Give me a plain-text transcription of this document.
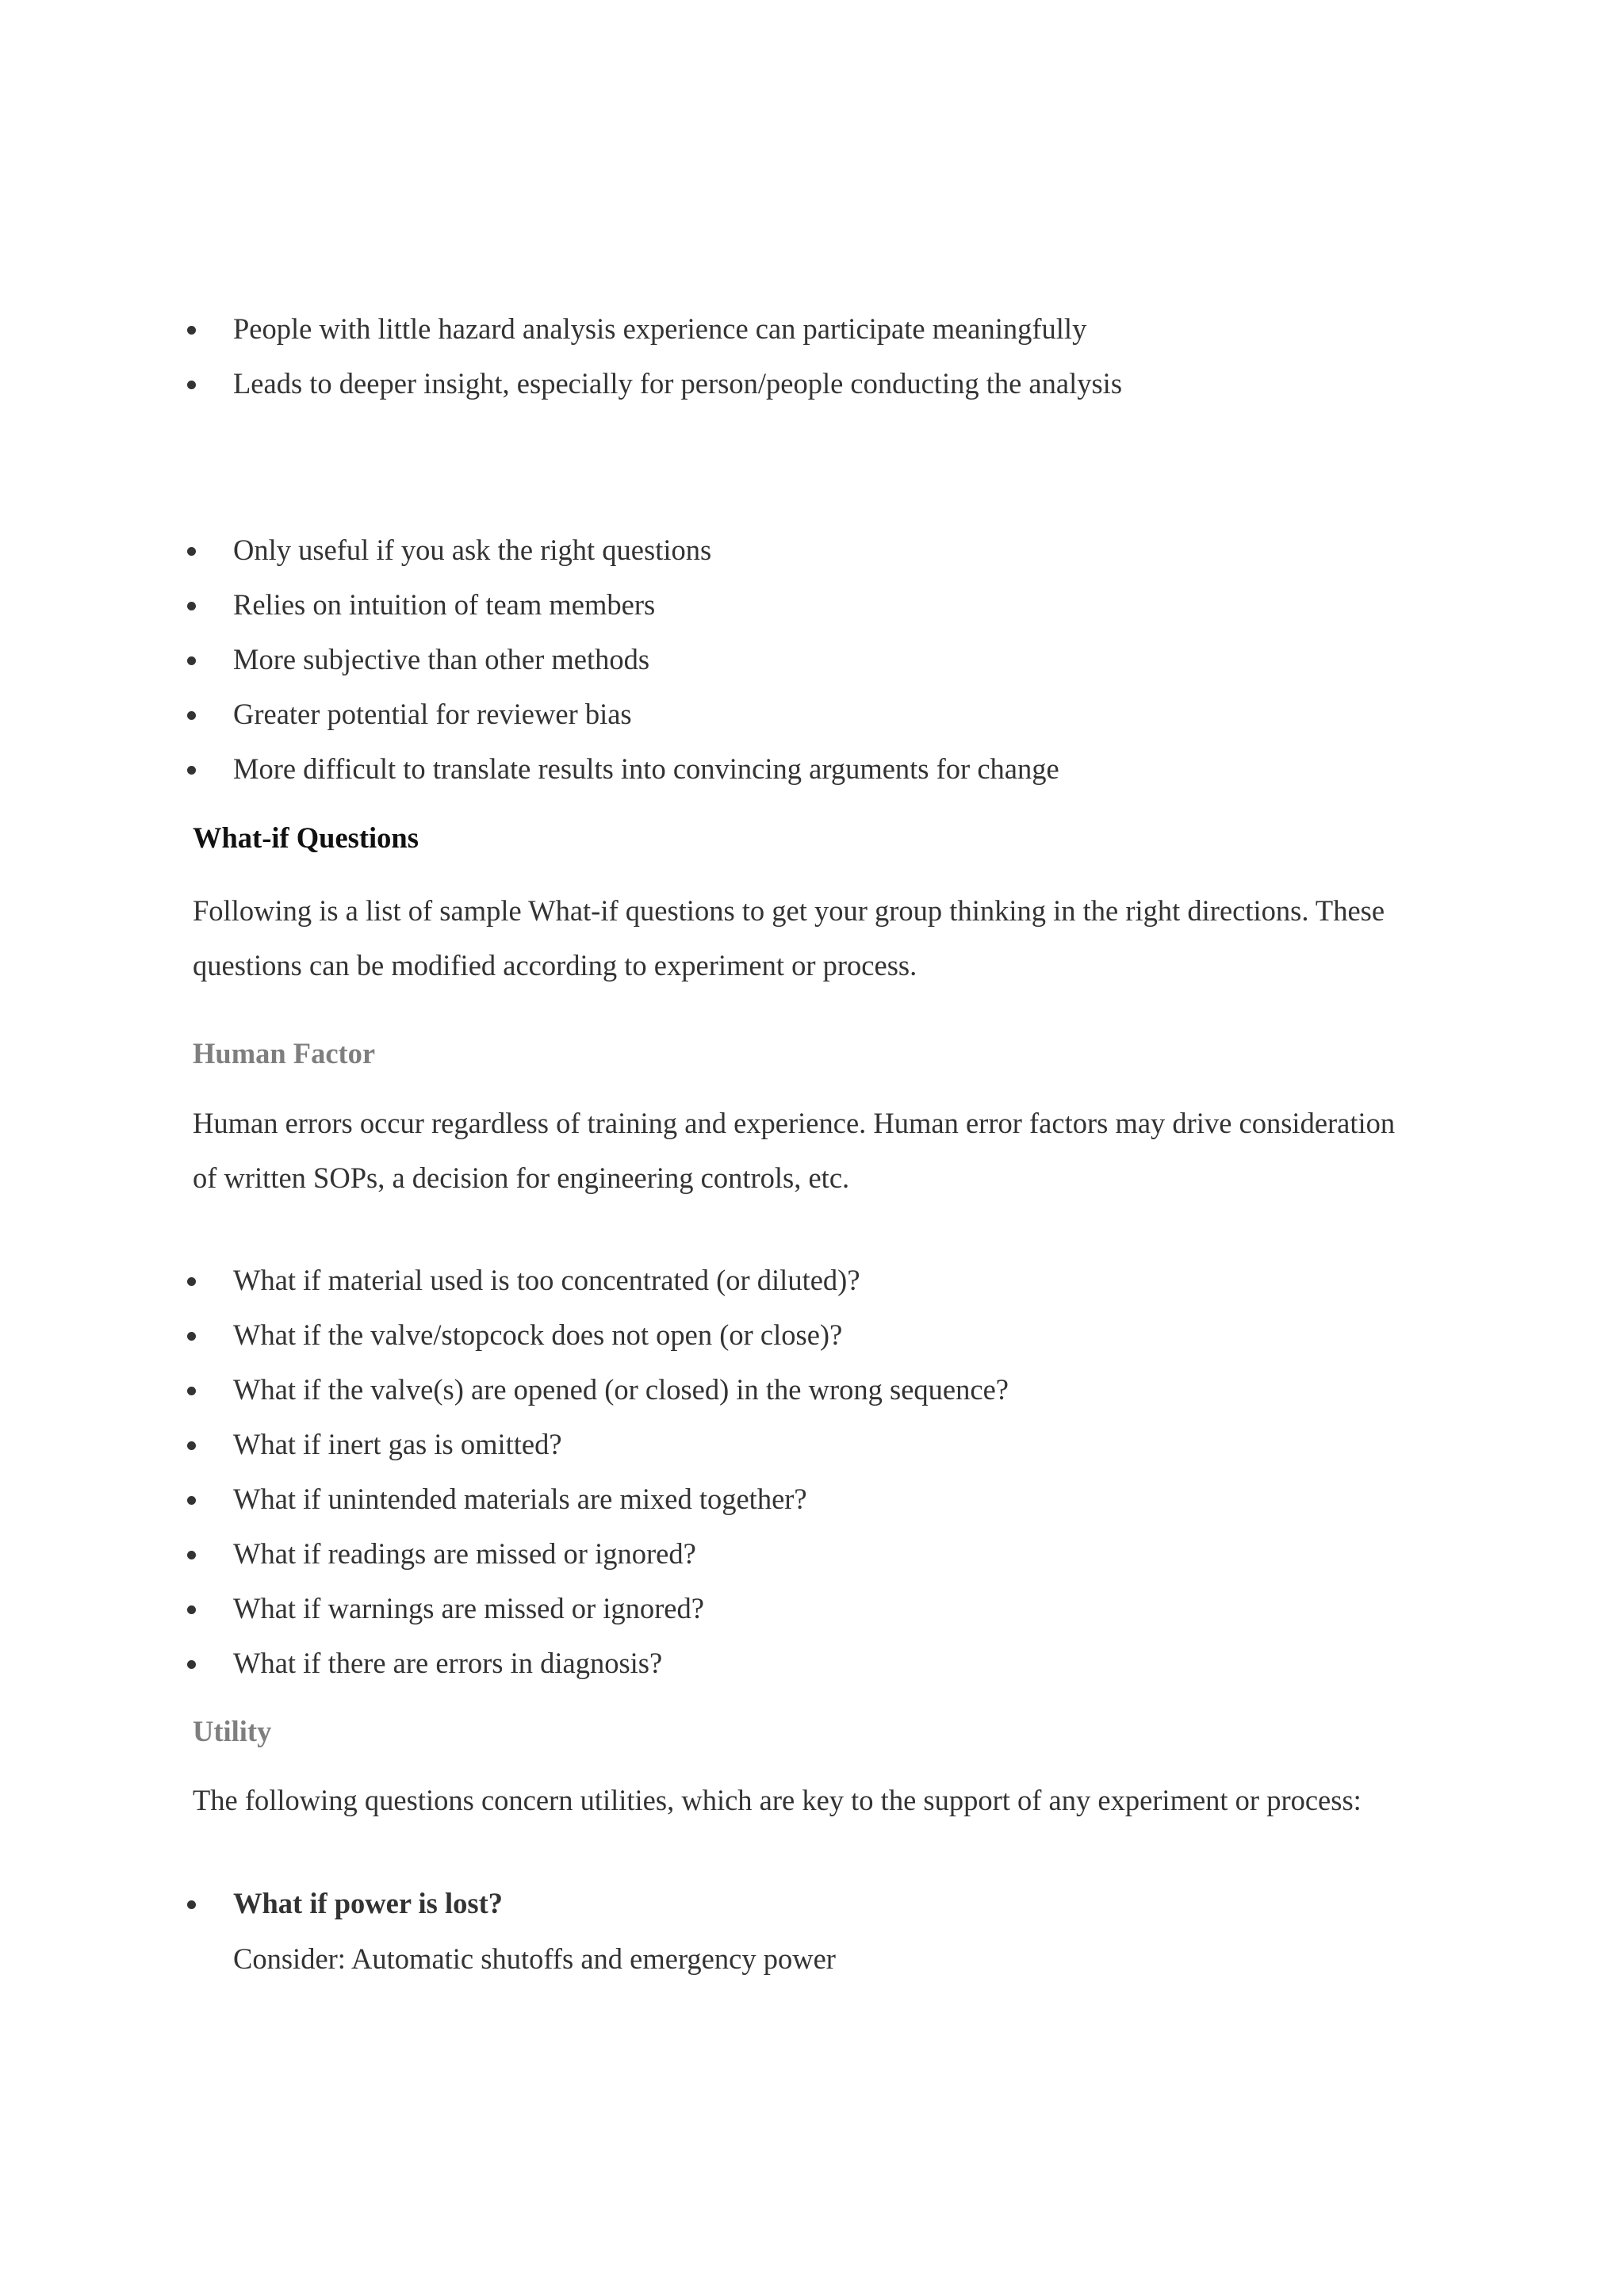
People with little hazard analysis experience can participate meaningfully
Leads to deeper insight, especially for person/people conducting the analysis
Only useful if you ask the right questions
Relies on intuition of team members
More subjective than other methods
Greater potential for reviewer bias
More difficult to translate results into convincing arguments for change
What-if Questions

Following is a list of sample What-if questions to get your group thinking in the right directions. These
questions can be modified according to experiment or process.

Human Factor

Human errors occur regardless of training and experience. Human error factors may drive consideration
of written SOPs, a decision for engineering controls, etc.

What if material used is too concentrated (or diluted)?
What if the valve/stopcock does not open (or close)?
What if the valve(s) are opened (or closed) in the wrong sequence?
What if inert gas is omitted?
What if unintended materials are mixed together?
What if readings are missed or ignored?
What if warnings are missed or ignored?
What if there are errors in diagnosis?
Utility

The following questions concern utilities, which are key to the support of any experiment or process:

What if power is lost?
Consider: Automatic shutoffs and emergency power
